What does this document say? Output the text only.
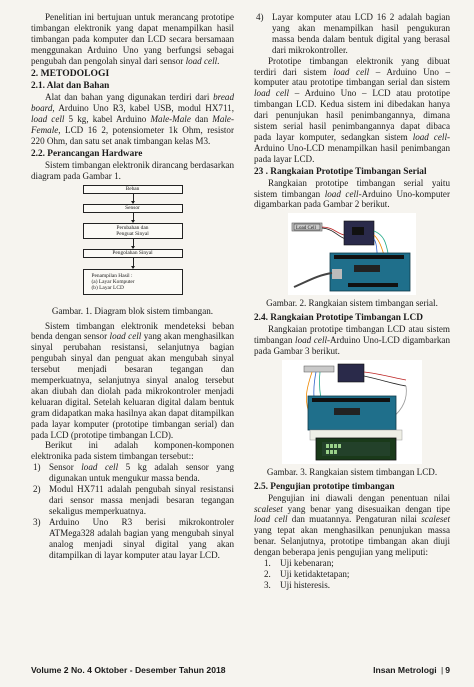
Penelitian ini bertujuan untuk merancang prototipe timbangan elektronik yang dapat menampilkan hasil timbangan pada komputer dan LCD secara bersamaan menggunakan Arduino Uno yang berfungsi sebagai pengubah dan pengolah sinyal dari sensor load cell.

2. METODOLOGI
2.1. Alat dan Bahan

Alat dan bahan yang digunakan terdiri dari bread board, Arduino Uno R3, kabel USB, modul HX711, load cell 5 kg, kabel Arduino Male-Male dan Male-Female, LCD 16 2, potensiometer 1k Ohm, resistor 220 Ohm, dan satu set anak timbangan kelas M3.

2.2. Perancangan Hardware

Sistem timbangan elektronik dirancang berdasarkan diagram pada Gambar 1.

Beban
Sensor
Perubahan dan
Penguat Sinyal
Pengolahan Sinyal
Penampilan Hasil :
(a) Layar Komputer
(b) Layar LCD

Gambar. 1. Diagram blok sistem timbangan.

Sistem timbangan elektronik mendeteksi beban benda dengan sensor load cell yang akan menghasilkan sinyal perubahan resistansi, selanjutnya bagian pengubah sinyal dan penguat akan mengubah sinyal tersebut menjadi besaran tegangan dan memperkuatnya, selanjutnya sinyal analog tersebut akan diubah dan diolah pada mikrokontroler menjadi keluaran digital. Setelah keluaran digital dalam bentuk gram didapatkan maka hasilnya akan dapat ditampilkan pada layar komputer (prototipe timbangan serial) dan pada LCD (prototipe timbangan LCD).

Berikut ini adalah komponen-komponen elektronika pada sistem timbangan tersebut::

1) Sensor load cell 5 kg adalah sensor yang digunakan untuk mengukur massa benda.
2) Modul HX711 adalah pengubah sinyal resistansi dari sensor massa menjadi besaran tegangan sekaligus memperkuatnya.
3) Arduino Uno R3 berisi mikrokontroler ATMega328 adalah bagian yang mengubah sinyal analog menjadi sinyal digital yang akan ditampilkan di layar komputer atau layar LCD.
4) Layar komputer atau LCD 16 2 adalah bagian yang akan menampilkan hasil pengukuran massa benda dalam bentuk digital yang berasal dari mikrokontroller.

Prototipe timbangan elektronik yang dibuat terdiri dari sistem load cell – Arduino Uno – komputer atau prototipe timbangan serial dan sistem load cell – Arduino Uno – LCD atau prototipe timbangan LCD. Kedua sistem ini dibedakan hanya dari penunjukan hasil penimbangannya, dimana sistem serial hasil penimbangannya dapat dibaca pada layar komputer, sedangkan sistem load cell-Arduino Uno-LCD menampilkan hasil penimbangan pada layar LCD.

23 . Rangkaian Prototipe Timbangan Serial

Rangkaian prototipe timbangan serial yaitu sistem timbangan load cell-Arduino Uno-komputer digambarkan pada Gambar 2 berikut.

Load Cell

Gambar. 2. Rangkaian sistem timbangan serial.

2.4. Rangkaian Prototipe Timbangan LCD

Rangkaian prototipe timbangan LCD atau sistem timbangan load cell-Arduino Uno-LCD digambarkan pada Gambar 3 berikut.

Gambar. 3. Rangkaian sistem timbangan LCD.

2.5. Pengujian prototipe timbangan

Pengujian ini diawali dengan penentuan nilai scaleset yang benar yang disesuaikan dengan tipe load cell dan muatannya. Pengaturan nilai scaleset yang tepat akan menghasilkan penunjukan massa benar. Selanjutnya, prototipe timbangan akan diuji dengan beberapa jenis pengujian yang meliputi:

1.	Uji kebenaran;
2.	Uji ketidaktetapan;
3.	Uji histeresis.
Volume 2 No. 4 Oktober - Desember Tahun 2018	Insan Metrologi | 9
